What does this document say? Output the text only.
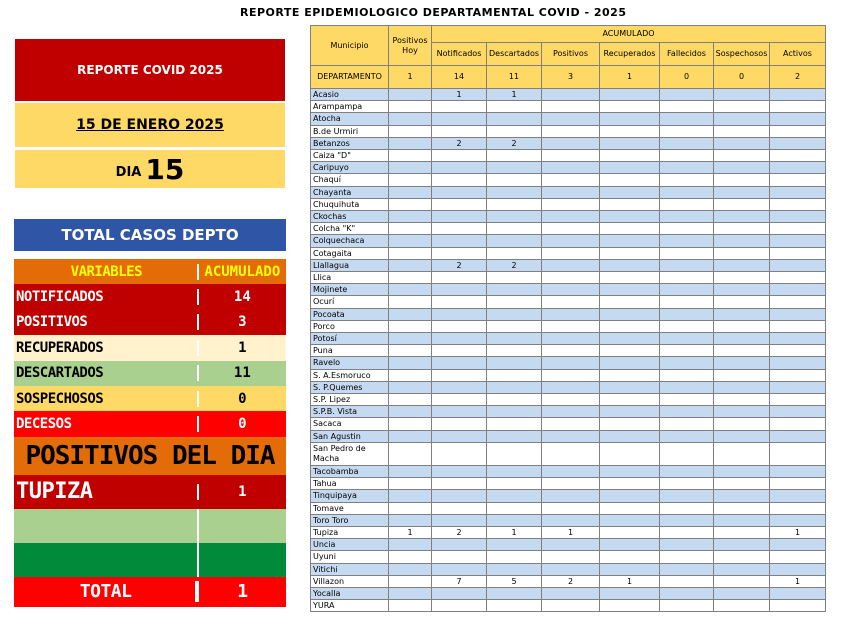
REPORTE EPIDEMIOLOGICO DEPARTAMENTAL COVID - 2025
REPORTE COVID 2025
15 DE ENERO 2025
DIA 15
TOTAL CASOS DEPTO
VARIABLES	ACUMULADO
NOTIFICADOS	14
POSITIVOS	3
RECUPERADOS	1
DESCARTADOS	11
SOSPECHOSOS	0
DECESOS	0
POSITIVOS DEL DIA
TUPIZA	1
TOTAL	1
Municipio	Positivos Hoy	ACUMULADO						
		Notificados	Descartados	Positivos	Recuperados	Fallecidos	Sospechosos	Activos
DEPARTAMENTO	1	14	11	3	1	0	0	2
Acasio		1	1					
Arampampa								
Atocha								
B.de Urmiri								
Betanzos		2	2					
Caiza "D"								
Caripuyo								
Chaquí								
Chayanta								
Chuquihuta								
Ckochas								
Colcha "K"								
Colquechaca								
Cotagaita								
Llallagua		2	2					
Llica								
Mojinete								
Ocurí								
Pocoata								
Porco								
Potosí								
Puna								
Ravelo								
S. A.Esmoruco								
S. P.Quemes								
S.P. Lipez								
S.P.B. Vista								
Sacaca								
San Agustin								
San Pedro de Macha								
Tacobamba								
Tahua								
Tinquipaya								
Tomave								
Toro Toro								
Tupiza	1	2	1	1				1
Uncia								
Uyuni								
Vitichi								
Villazon		7	5	2	1			1
Yocalla								
YURA								
